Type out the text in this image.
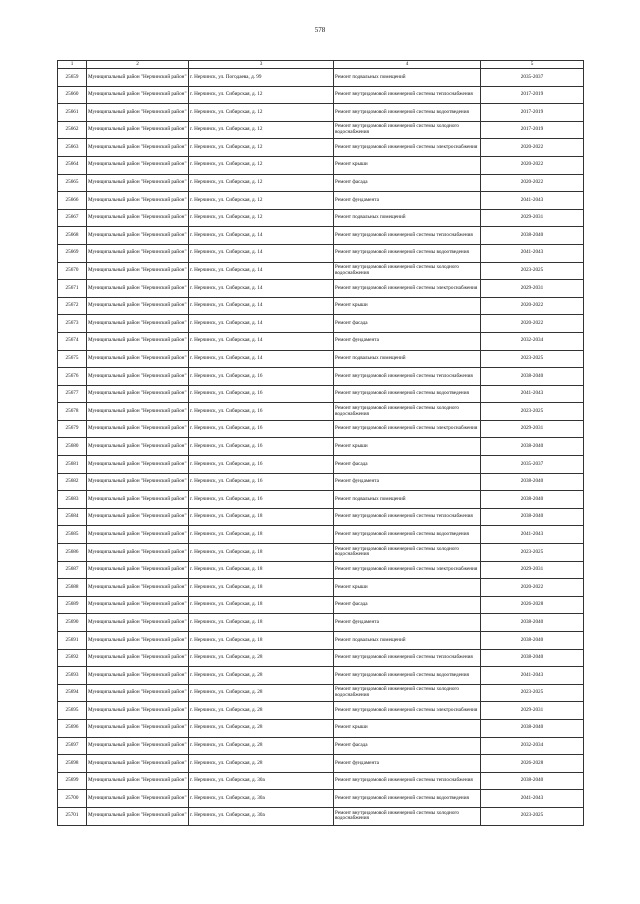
578
1	2	3	4	5
25659	Муниципальный район "Нерчинский район"	г. Нерчинск, ул. Погодаева, д. 99	Ремонт подвальных помещений	2035-2037
25660	Муниципальный район "Нерчинский район"	г. Нерчинск, ул. Сибирская, д. 12	Ремонт внутридомовой инженерной системы теплоснабжения	2017-2019
25661	Муниципальный район "Нерчинский район"	г. Нерчинск, ул. Сибирская, д. 12	Ремонт внутридомовой инженерной системы водоотведения	2017-2019
25662	Муниципальный район "Нерчинский район"	г. Нерчинск, ул. Сибирская, д. 12	Ремонт внутридомовой инженерной системы холодного водоснабжения	2017-2019
25663	Муниципальный район "Нерчинский район"	г. Нерчинск, ул. Сибирская, д. 12	Ремонт внутридомовой инженерной системы электроснабжения	2020-2022
25664	Муниципальный район "Нерчинский район"	г. Нерчинск, ул. Сибирская, д. 12	Ремонт крыши	2020-2022
25665	Муниципальный район "Нерчинский район"	г. Нерчинск, ул. Сибирская, д. 12	Ремонт фасада	2020-2022
25666	Муниципальный район "Нерчинский район"	г. Нерчинск, ул. Сибирская, д. 12	Ремонт фундамента	2041-2043
25667	Муниципальный район "Нерчинский район"	г. Нерчинск, ул. Сибирская, д. 12	Ремонт подвальных помещений	2029-2031
25668	Муниципальный район "Нерчинский район"	г. Нерчинск, ул. Сибирская, д. 14	Ремонт внутридомовой инженерной системы теплоснабжения	2038-2040
25669	Муниципальный район "Нерчинский район"	г. Нерчинск, ул. Сибирская, д. 14	Ремонт внутридомовой инженерной системы водоотведения	2041-2043
25670	Муниципальный район "Нерчинский район"	г. Нерчинск, ул. Сибирская, д. 14	Ремонт внутридомовой инженерной системы холодного водоснабжения	2023-2025
25671	Муниципальный район "Нерчинский район"	г. Нерчинск, ул. Сибирская, д. 14	Ремонт внутридомовой инженерной системы электроснабжения	2029-2031
25672	Муниципальный район "Нерчинский район"	г. Нерчинск, ул. Сибирская, д. 14	Ремонт крыши	2020-2022
25673	Муниципальный район "Нерчинский район"	г. Нерчинск, ул. Сибирская, д. 14	Ремонт фасада	2020-2022
25674	Муниципальный район "Нерчинский район"	г. Нерчинск, ул. Сибирская, д. 14	Ремонт фундамента	2032-2034
25675	Муниципальный район "Нерчинский район"	г. Нерчинск, ул. Сибирская, д. 14	Ремонт подвальных помещений	2023-2025
25676	Муниципальный район "Нерчинский район"	г. Нерчинск, ул. Сибирская, д. 16	Ремонт внутридомовой инженерной системы теплоснабжения	2038-2040
25677	Муниципальный район "Нерчинский район"	г. Нерчинск, ул. Сибирская, д. 16	Ремонт внутридомовой инженерной системы водоотведения	2041-2043
25678	Муниципальный район "Нерчинский район"	г. Нерчинск, ул. Сибирская, д. 16	Ремонт внутридомовой инженерной системы холодного водоснабжения	2023-2025
25679	Муниципальный район "Нерчинский район"	г. Нерчинск, ул. Сибирская, д. 16	Ремонт внутридомовой инженерной системы электроснабжения	2029-2031
25680	Муниципальный район "Нерчинский район"	г. Нерчинск, ул. Сибирская, д. 16	Ремонт крыши	2038-2040
25681	Муниципальный район "Нерчинский район"	г. Нерчинск, ул. Сибирская, д. 16	Ремонт фасада	2035-2037
25682	Муниципальный район "Нерчинский район"	г. Нерчинск, ул. Сибирская, д. 16	Ремонт фундамента	2038-2040
25683	Муниципальный район "Нерчинский район"	г. Нерчинск, ул. Сибирская, д. 16	Ремонт подвальных помещений	2038-2040
25684	Муниципальный район "Нерчинский район"	г. Нерчинск, ул. Сибирская, д. 18	Ремонт внутридомовой инженерной системы теплоснабжения	2038-2040
25685	Муниципальный район "Нерчинский район"	г. Нерчинск, ул. Сибирская, д. 18	Ремонт внутридомовой инженерной системы водоотведения	2041-2043
25686	Муниципальный район "Нерчинский район"	г. Нерчинск, ул. Сибирская, д. 18	Ремонт внутридомовой инженерной системы холодного водоснабжения	2023-2025
25687	Муниципальный район "Нерчинский район"	г. Нерчинск, ул. Сибирская, д. 18	Ремонт внутридомовой инженерной системы электроснабжения	2029-2031
25688	Муниципальный район "Нерчинский район"	г. Нерчинск, ул. Сибирская, д. 18	Ремонт крыши	2020-2022
25689	Муниципальный район "Нерчинский район"	г. Нерчинск, ул. Сибирская, д. 18	Ремонт фасада	2026-2028
25690	Муниципальный район "Нерчинский район"	г. Нерчинск, ул. Сибирская, д. 18	Ремонт фундамента	2038-2040
25691	Муниципальный район "Нерчинский район"	г. Нерчинск, ул. Сибирская, д. 18	Ремонт подвальных помещений	2038-2040
25692	Муниципальный район "Нерчинский район"	г. Нерчинск, ул. Сибирская, д. 28	Ремонт внутридомовой инженерной системы теплоснабжения	2038-2040
25693	Муниципальный район "Нерчинский район"	г. Нерчинск, ул. Сибирская, д. 28	Ремонт внутридомовой инженерной системы водоотведения	2041-2043
25694	Муниципальный район "Нерчинский район"	г. Нерчинск, ул. Сибирская, д. 28	Ремонт внутридомовой инженерной системы холодного водоснабжения	2023-2025
25695	Муниципальный район "Нерчинский район"	г. Нерчинск, ул. Сибирская, д. 28	Ремонт внутридомовой инженерной системы электроснабжения	2029-2031
25696	Муниципальный район "Нерчинский район"	г. Нерчинск, ул. Сибирская, д. 28	Ремонт крыши	2038-2040
25697	Муниципальный район "Нерчинский район"	г. Нерчинск, ул. Сибирская, д. 28	Ремонт фасада	2032-2034
25698	Муниципальный район "Нерчинский район"	г. Нерчинск, ул. Сибирская, д. 28	Ремонт фундамента	2026-2028
25699	Муниципальный район "Нерчинский район"	г. Нерчинск, ул. Сибирская, д. 30а	Ремонт внутридомовой инженерной системы теплоснабжения	2038-2040
25700	Муниципальный район "Нерчинский район"	г. Нерчинск, ул. Сибирская, д. 30а	Ремонт внутридомовой инженерной системы водоотведения	2041-2043
25701	Муниципальный район "Нерчинский район"	г. Нерчинск, ул. Сибирская, д. 30а	Ремонт внутридомовой инженерной системы холодного водоснабжения	2023-2025
